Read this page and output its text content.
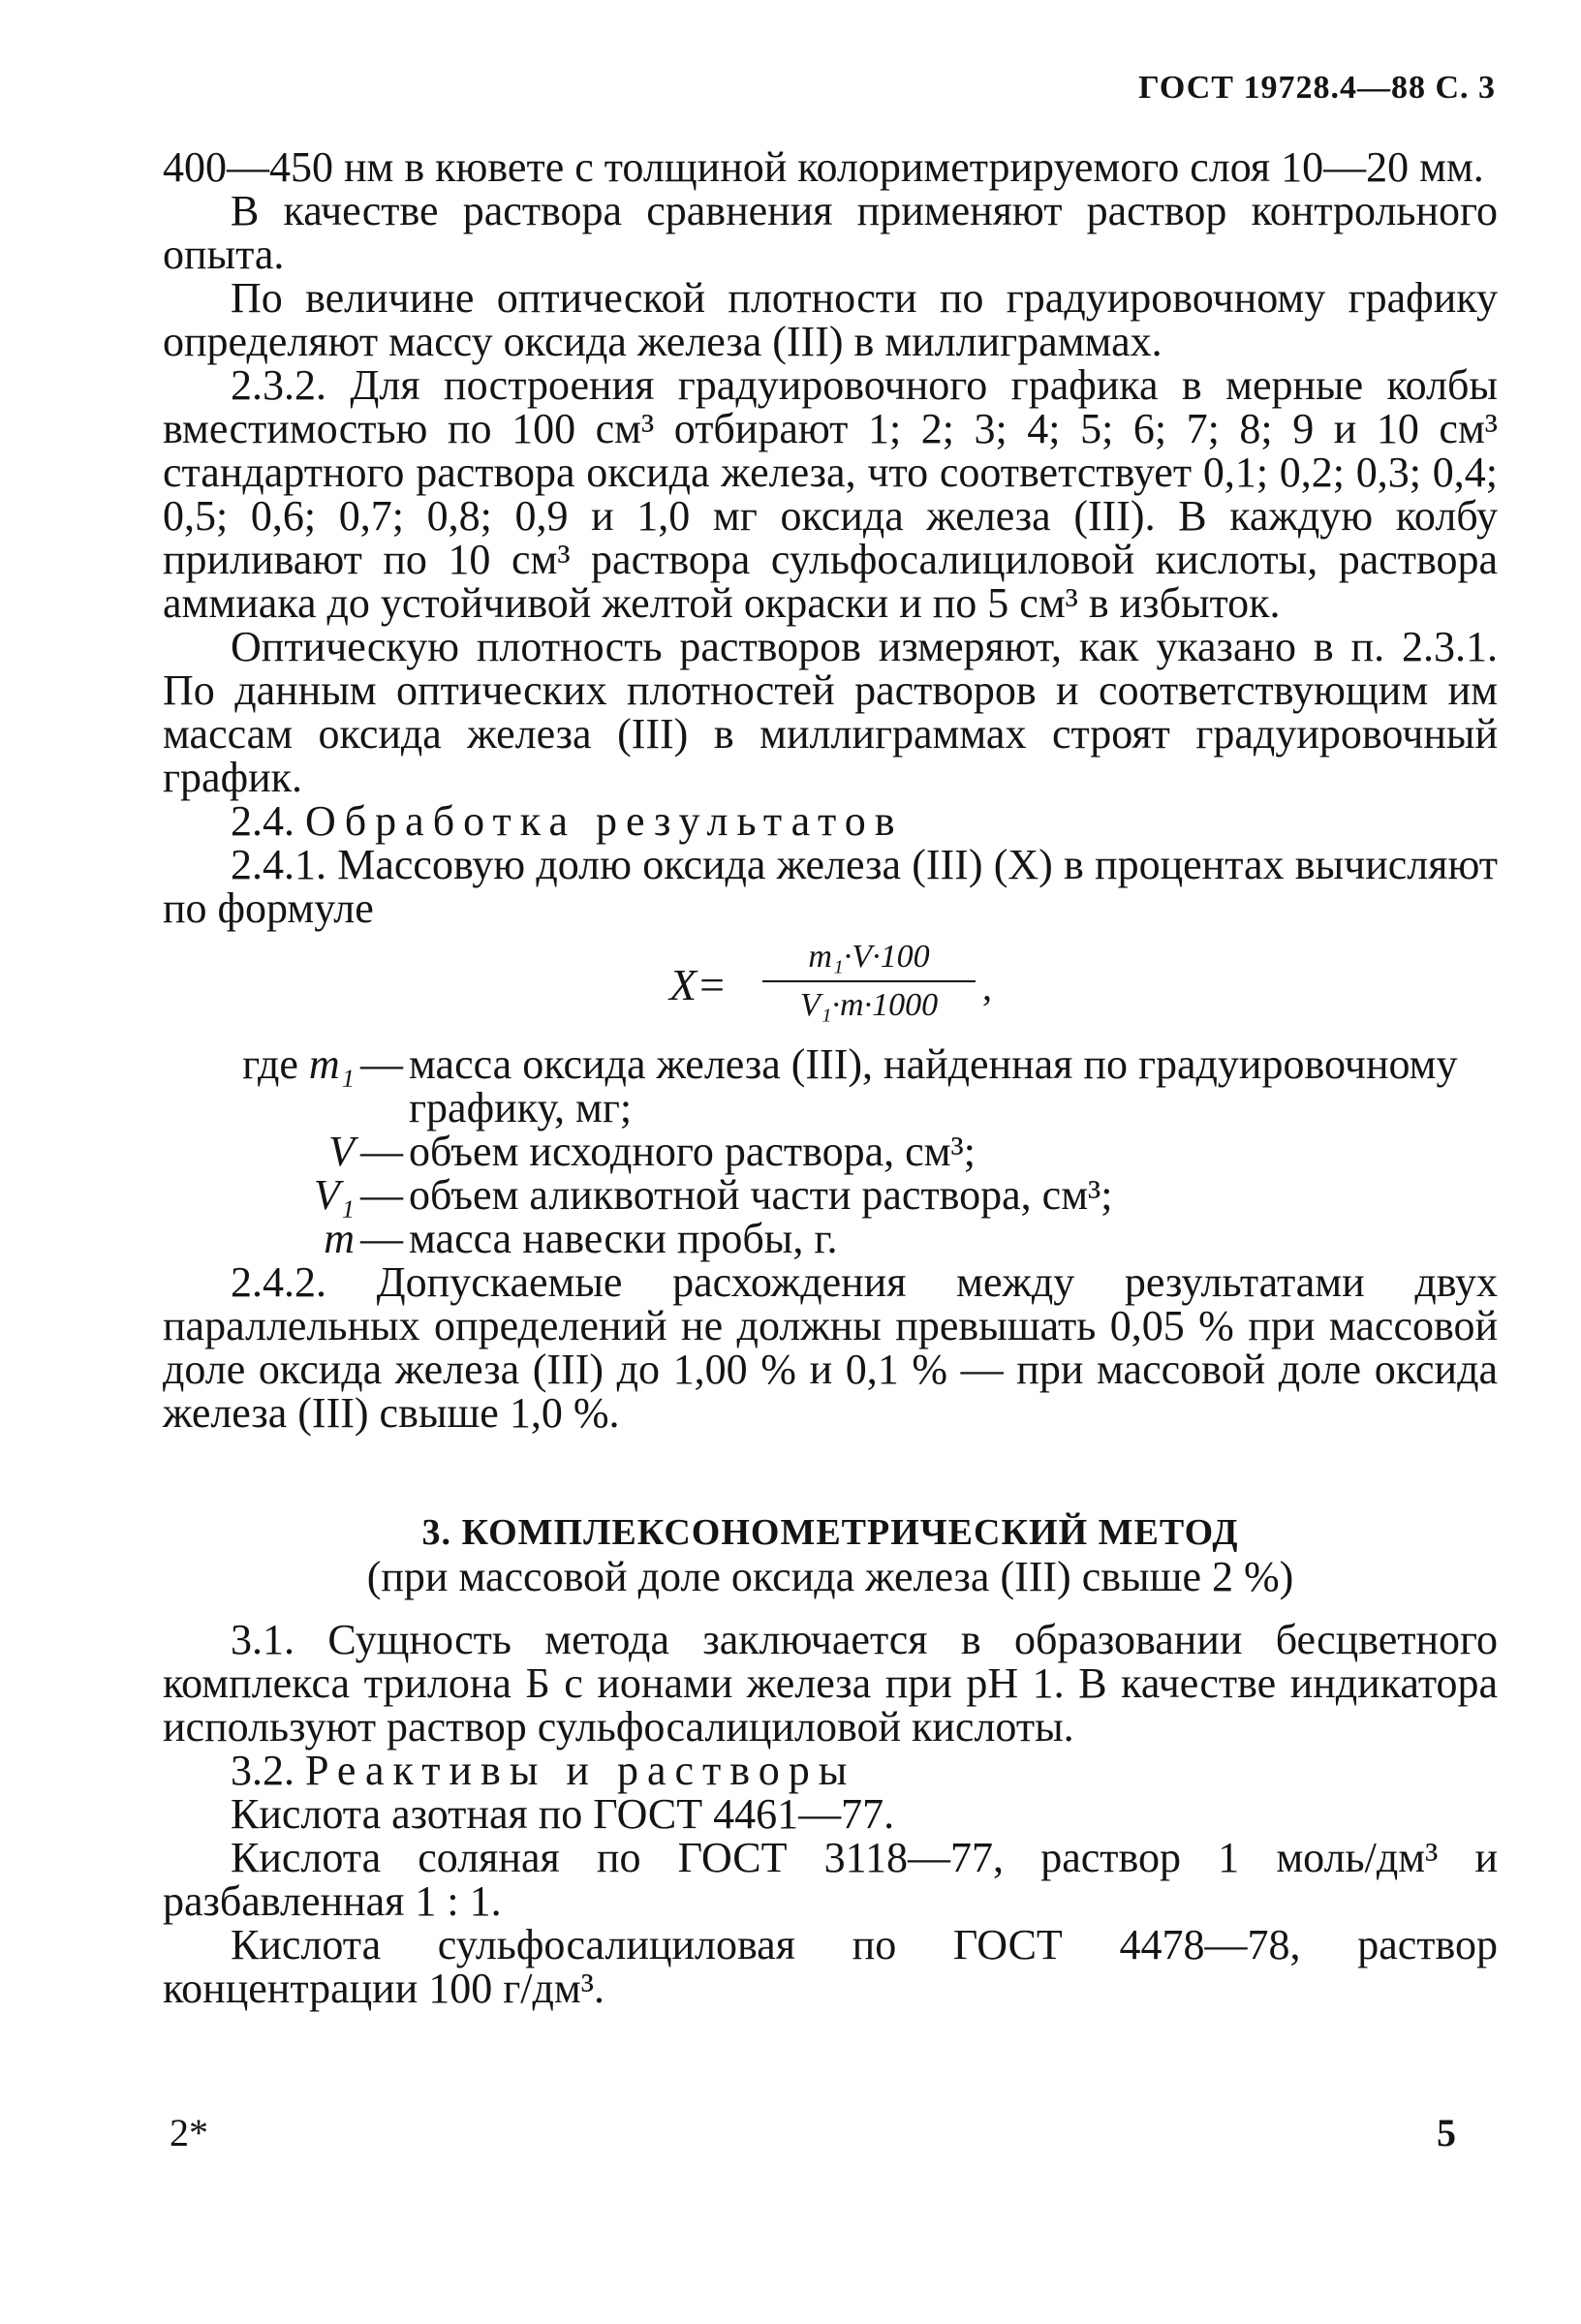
ГОСТ 19728.4—88 С. 3

400—450 нм в кювете с толщиной колориметрируемого слоя 10—20 мм.

В качестве раствора сравнения применяют раствор контрольного опыта.

По величине оптической плотности по градуировочному графику определяют массу оксида железа (III) в миллиграммах.

2.3.2. Для построения градуировочного графика в мерные колбы вместимостью по 100 см³ отбирают 1; 2; 3; 4; 5; 6; 7; 8; 9 и 10 см³ стандартного раствора оксида железа, что соответствует 0,1; 0,2; 0,3; 0,4; 0,5; 0,6; 0,7; 0,8; 0,9 и 1,0 мг оксида железа (III). В каждую колбу приливают по 10 см³ раствора сульфосалициловой кислоты, раствора аммиака до устойчивой желтой окраски и по 5 см³ в избыток.

Оптическую плотность растворов измеряют, как указано в п. 2.3.1. По данным оптических плотностей растворов и соответствующим им массам оксида железа (III) в миллиграммах строят градуировочный график.

2.4. Обработка результатов

2.4.1. Массовую долю оксида железа (III) (X) в процентах вычисляют по формуле

X=
m₁·V·100
V₁·m·1000	,
где m₁ — масса оксида железа (III), найденная по градуировочному графику, мг;
V — объем исходного раствора, см³;
V₁ — объем аликвотной части раствора, см³;
m — масса навески пробы, г.

2.4.2. Допускаемые расхождения между результатами двух параллельных определений не должны превышать 0,05 % при массовой доле оксида железа (III) до 1,00 % и 0,1 % — при массовой доле оксида железа (III) свыше 1,0 %.

3. КОМПЛЕКСОНОМЕТРИЧЕСКИЙ МЕТОД
(при массовой доле оксида железа (III) свыше 2 %)

3.1. Сущность метода заключается в образовании бесцветного комплекса трилона Б с ионами железа при pH 1. В качестве индикатора используют раствор сульфосалициловой кислоты.

3.2. Реактивы и растворы

Кислота азотная по ГОСТ 4461—77.

Кислота соляная по ГОСТ 3118—77, раствор 1 моль/дм³ и разбавленная 1 : 1.

Кислота сульфосалициловая по ГОСТ 4478—78, раствор концентрации 100 г/дм³.

2*	5
